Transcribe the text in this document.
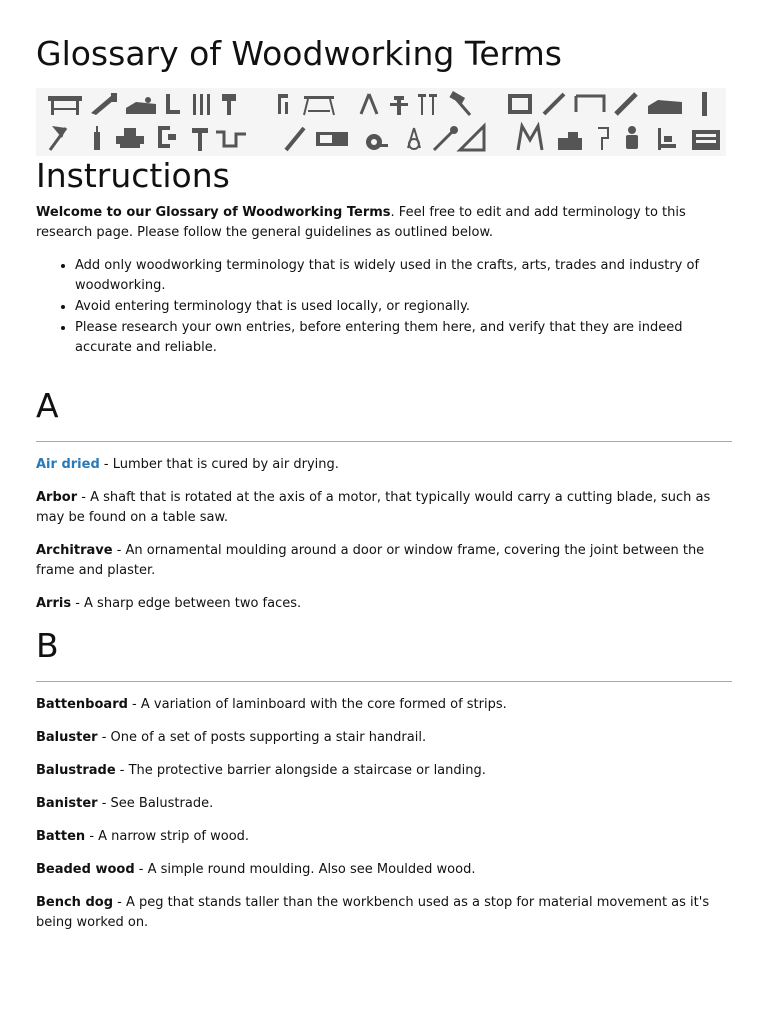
Glossary of Woodworking Terms
Instructions

Welcome to our Glossary of Woodworking Terms. Feel free to edit and add terminology to this research page. Please follow the general guidelines as outlined below.

• Add only woodworking terminology that is widely used in the crafts, arts, trades and industry of woodworking.
• Avoid entering terminology that is used locally, or regionally.
• Please research your own entries, before entering them here, and verify that they are indeed accurate and reliable.
A

Air dried - Lumber that is cured by air drying.

Arbor - A shaft that is rotated at the axis of a motor, that typically would carry a cutting blade, such as may be found on a table saw.

Architrave - An ornamental moulding around a door or window frame, covering the joint between the frame and plaster.

Arris - A sharp edge between two faces.

B

Battenboard - A variation of laminboard with the core formed of strips.

Baluster - One of a set of posts supporting a stair handrail.

Balustrade - The protective barrier alongside a staircase or landing.

Banister - See Balustrade.

Batten - A narrow strip of wood.

Beaded wood - A simple round moulding. Also see Moulded wood.

Bench dog - A peg that stands taller than the workbench used as a stop for material movement as it's being worked on.
